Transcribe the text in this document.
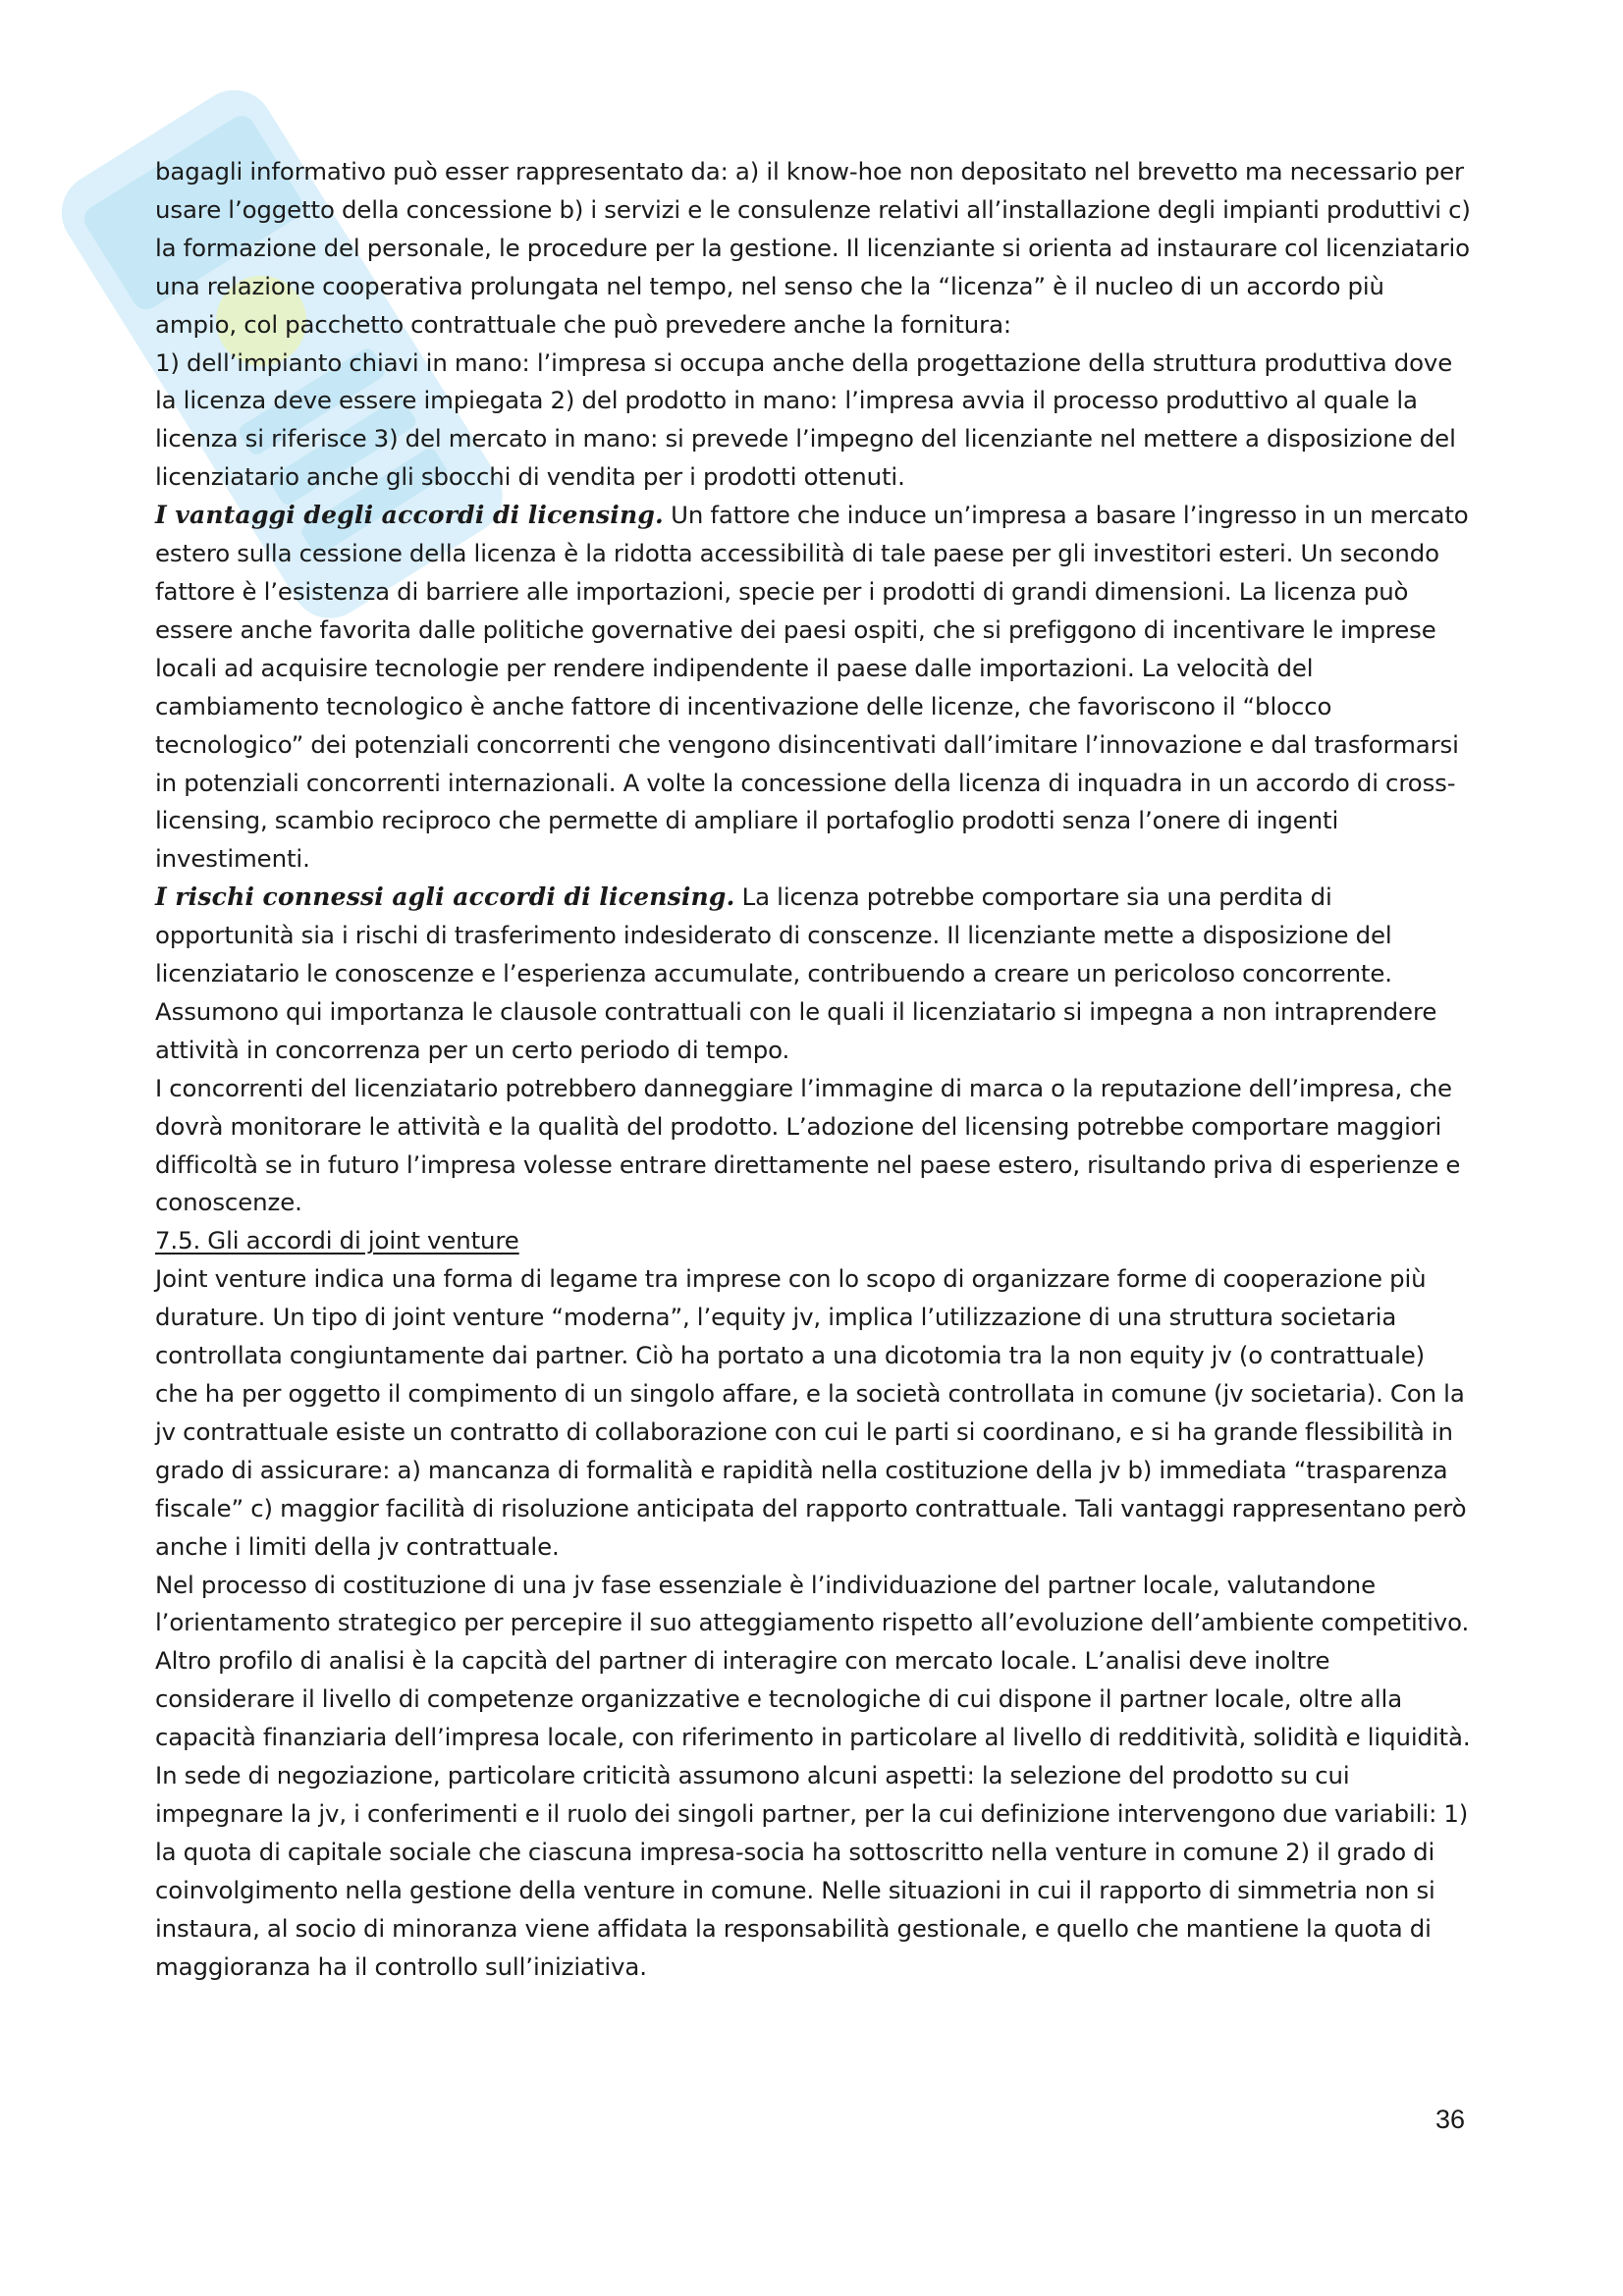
bagagli informativo può esser rappresentato da: a) il know-hoe non depositato nel brevetto ma necessario per usare l’oggetto della concessione b) i servizi e le consulenze relativi all’installazione degli impianti produttivi c) la formazione del personale, le procedure per la gestione. Il licenziante si orienta ad instaurare col licenziatario una relazione cooperativa prolungata nel tempo, nel senso che la “licenza” è il nucleo di un accordo più ampio, col pacchetto contrattuale che può prevedere anche la fornitura:

1) dell’impianto chiavi in mano: l’impresa si occupa anche della progettazione della struttura produttiva dove la licenza deve essere impiegata 2) del prodotto in mano: l’impresa avvia il processo produttivo al quale la licenza si riferisce 3) del mercato in mano: si prevede l’impegno del licenziante nel mettere a disposizione del licenziatario anche gli sbocchi di vendita per i prodotti ottenuti.

I vantaggi degli accordi di licensing. Un fattore che induce un’impresa a basare l’ingresso in un mercato estero sulla cessione della licenza è la ridotta accessibilità di tale paese per gli investitori esteri. Un secondo fattore è l’esistenza di barriere alle importazioni, specie per i prodotti di grandi dimensioni. La licenza può essere anche favorita dalle politiche governative dei paesi ospiti, che si prefiggono di incentivare le imprese locali ad acquisire tecnologie per rendere indipendente il paese dalle importazioni. La velocità del cambiamento tecnologico è anche fattore di incentivazione delle licenze, che favoriscono il “blocco tecnologico” dei potenziali concorrenti che vengono disincentivati dall’imitare l’innovazione e dal trasformarsi in potenziali concorrenti internazionali. A volte la concessione della licenza di inquadra in un accordo di cross-licensing, scambio reciproco che permette di ampliare il portafoglio prodotti senza l’onere di ingenti investimenti.

I rischi connessi agli accordi di licensing. La licenza potrebbe comportare sia una perdita di opportunità sia i rischi di trasferimento indesiderato di conscenze. Il licenziante mette a disposizione del licenziatario le conoscenze e l’esperienza accumulate, contribuendo a creare un pericoloso concorrente. Assumono qui importanza le clausole contrattuali con le quali il licenziatario si impegna a non intraprendere attività in concorrenza per un certo periodo di tempo.

I concorrenti del licenziatario potrebbero danneggiare l’immagine di marca o la reputazione dell’impresa, che dovrà monitorare le attività e la qualità del prodotto. L’adozione del licensing potrebbe comportare maggiori difficoltà se in futuro l’impresa volesse entrare direttamente nel paese estero, risultando priva di esperienze e conoscenze.

7.5. Gli accordi di joint venture

Joint venture indica una forma di legame tra imprese con lo scopo di organizzare forme di cooperazione più durature. Un tipo di joint venture “moderna”, l’equity jv, implica l’utilizzazione di una struttura societaria controllata congiuntamente dai partner. Ciò ha portato a una dicotomia tra la non equity jv (o contrattuale) che ha per oggetto il compimento di un singolo affare, e la società controllata in comune (jv societaria). Con la jv contrattuale esiste un contratto di collaborazione con cui le parti si coordinano, e si ha grande flessibilità in grado di assicurare: a) mancanza di formalità e rapidità nella costituzione della jv b) immediata “trasparenza fiscale” c) maggior facilità di risoluzione anticipata del rapporto contrattuale. Tali vantaggi rappresentano però anche i limiti della jv contrattuale.

Nel processo di costituzione di una jv fase essenziale è l’individuazione del partner locale, valutandone l’orientamento strategico per percepire il suo atteggiamento rispetto all’evoluzione dell’ambiente competitivo. Altro profilo di analisi è la capcità del partner di interagire con mercato locale. L’analisi deve inoltre considerare il livello di competenze organizzative e tecnologiche di cui dispone il partner locale, oltre alla capacità finanziaria dell’impresa locale, con riferimento in particolare al livello di redditività, solidità e liquidità.

In sede di negoziazione, particolare criticità assumono alcuni aspetti: la selezione del prodotto su cui impegnare la jv, i conferimenti e il ruolo dei singoli partner, per la cui definizione intervengono due variabili: 1) la quota di capitale sociale che ciascuna impresa-socia ha sottoscritto nella venture in comune 2) il grado di coinvolgimento nella gestione della venture in comune. Nelle situazioni in cui il rapporto di simmetria non si instaura, al socio di minoranza viene affidata la responsabilità gestionale, e quello che mantiene la quota di maggioranza ha il controllo sull’iniziativa.

36
